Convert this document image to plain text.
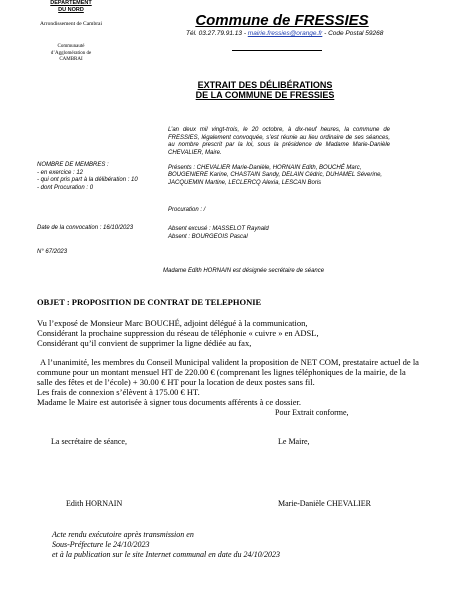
DEPARTEMENT
DU NORD
Arrondissement de Cambrai
Communauté
d’Agglomération de
CAMBRAI
Commune de FRESSIES
Tél. 03.27.79.91.13 - mairie.fressies@orange.fr - Code Postal 59268
EXTRAIT DES DÉLIBÉRATIONS
DE LA COMMUNE DE FRESSIES
L’an deux mil vingt-trois, le 20 octobre, à dix-neuf heures, la commune de FRESSIES, légalement convoquée, s’est réunie au lieu ordinaire de ses séances, au nombre prescrit par la loi, sous la présidence de Madame Marie-Danièle CHEVALIER, Maire.
NOMBRE DE MEMBRES :
- en exercice : 12
- qui ont pris part à la délibération : 10
- dont Procuration : 0
Présents : CHEVALIER Marie-Danièle, HORNAIN Edith, BOUCHÉ Marc, BOUGENIERE Karine, CHASTAIN Sandy, DELAIN Cédric, DUHAMEL Séverine, JACQUEMIN Martine, LECLERCQ Alexia, LESCAN Boris
Procuration : /
Date de la convocation : 16/10/2023	Absent excusé : MASSELOT Raynald
Absent : BOURGEOIS Pascal
N° 67/2023
Madame Edith HORNAIN est désignée secrétaire de séance
OBJET : PROPOSITION DE CONTRAT DE TELEPHONIE

Vu l’exposé de Monsieur Marc BOUCHÉ, adjoint délégué à la communication,

Considérant la prochaine suppression du réseau de téléphonie « cuivre » en ADSL,

Considérant qu’il convient de supprimer la ligne dédiée au fax,

A l’unanimité, les membres du Conseil Municipal valident la proposition de NET COM, prestataire actuel de la commune pour un montant mensuel HT de 220.00 € (comprenant les lignes téléphoniques de la mairie, de la salle des fêtes et de l’école) + 30.00 € HT pour la location de deux postes sans fil.

Les frais de connexion s’élèvent à 175.00 € HT.

Madame le Maire est autorisée à signer tous documents afférents à ce dossier.

Pour Extrait conforme,
La secrétaire de séance,	Le Maire,
Edith HORNAIN	Marie-Danièle CHEVALIER
Acte rendu exécutoire après transmission en
Sous-Préfecture le 24/10/2023
et à la publication sur le site Internet communal en date du 24/10/2023
